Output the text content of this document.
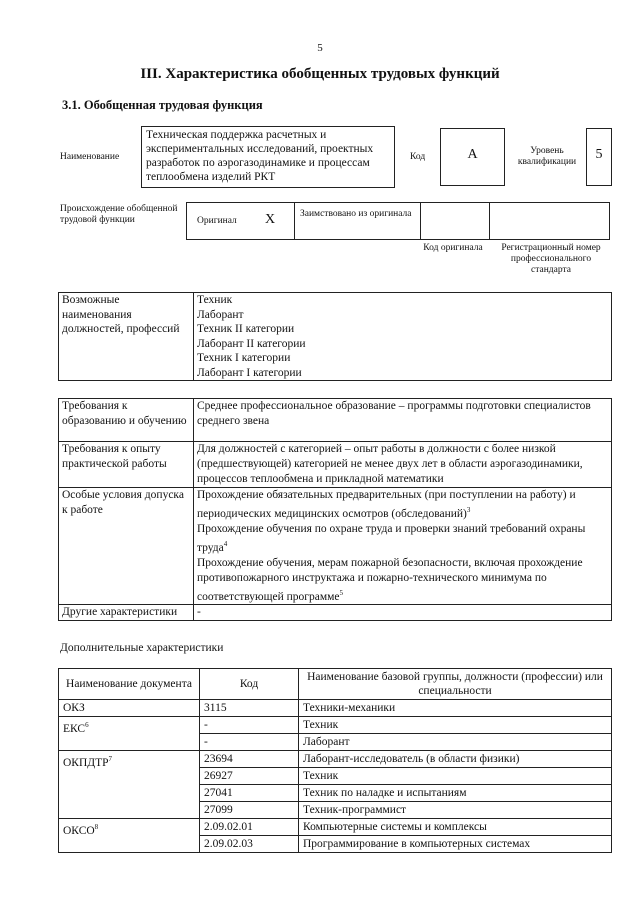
5
III. Характеристика обобщенных трудовых функций
3.1. Обобщенная трудовая функция
Наименование
Техническая поддержка расчетных и экспериментальных исследований, проектных разработок по аэрогазодинамике и процессам теплообмена изделий РКТ
Код	A	Уровень квалификации	5
Происхождение обобщенной трудовой функции	Оригинал X	Заимствовано из оригинала
Код оригинала	Регистрационный номер профессионального стандарта
Возможные наименования должностей, профессий	
Техник
Лаборант
Техник II категории
Лаборант II категории
Техник I категории
Лаборант I категории
Требования к образованию и обучению	Среднее профессиональное образование – программы подготовки специалистов среднего звена
Требования к опыту практической работы	Для должностей с категорией – опыт работы в должности с более низкой (предшествующей) категорией не менее двух лет в области аэрогазодинамики, процессов теплообмена и прикладной математики
Особые условия допуска к работе	Прохождение обязательных предварительных (при поступлении на работу) и периодических медицинских осмотров (обследований)$^3$
Прохождение обучения по охране труда и проверки знаний требований охраны труда$^4$
Прохождение обучения, мерам пожарной безопасности, включая прохождение противопожарного инструктажа и пожарно-технического минимума по соответствующей программе$^5$
Другие характеристики	-
Дополнительные характеристики
Наименование документа	Код	Наименование базовой группы, должности (профессии) или специальности
ОКЗ	3115	Техники-механики
ЕКС$^6$	-	Техник
	-	Лаборант
ОКПДТР$^7$	23694	Лаборант-исследователь (в области физики)
	26927	Техник
	27041	Техник по наладке и испытаниям
	27099	Техник-программист
ОКСО$^8$	2.09.02.01	Компьютерные системы и комплексы
	2.09.02.03	Программирование в компьютерных системах
